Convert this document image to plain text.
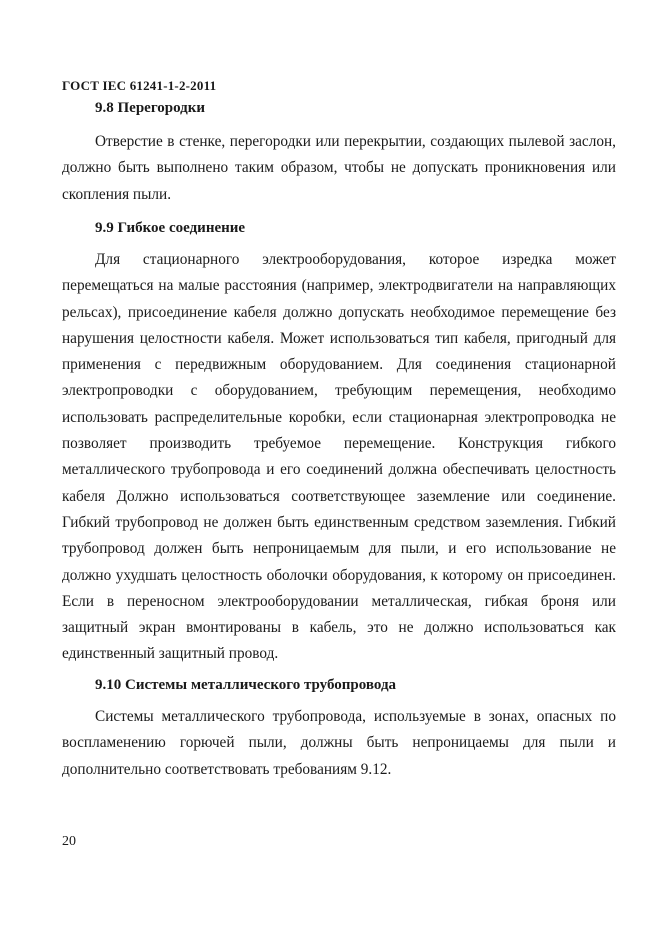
ГОСТ IEC 61241-1-2-2011
9.8 Перегородки

Отверстие в стенке, перегородки или перекрытии, создающих пылевой заслон, должно быть выполнено таким образом, чтобы не допускать проникновения или скопления пыли.

9.9 Гибкое соединение

Для стационарного электрооборудования, которое изредка может перемещаться на малые расстояния (например, электродвигатели на направляющих рельсах), присоединение кабеля должно допускать необходимое перемещение без нарушения целостности кабеля. Может использоваться тип кабеля, пригодный для применения с передвижным оборудованием. Для соединения стационарной электропроводки с оборудованием, требующим перемещения, необходимо использовать распределительные коробки, если стационарная электропроводка не позволяет производить требуемое перемещение. Конструкция гибкого металлического трубопровода и его соединений должна обеспечивать целостность кабеля Должно использоваться соответствующее заземление или соединение. Гибкий трубопровод не должен быть единственным средством заземления. Гибкий трубопровод должен быть непроницаемым для пыли, и его использование не должно ухудшать целостность оболочки оборудования, к которому он присоединен. Если в переносном электрооборудовании металлическая, гибкая броня или защитный экран вмонтированы в кабель, это не должно использоваться как единственный защитный провод.

9.10 Системы металлического трубопровода

Системы металлического трубопровода, используемые в зонах, опасных по воспламенению горючей пыли, должны быть непроницаемы для пыли и дополнительно соответствовать требованиям 9.12.

20
